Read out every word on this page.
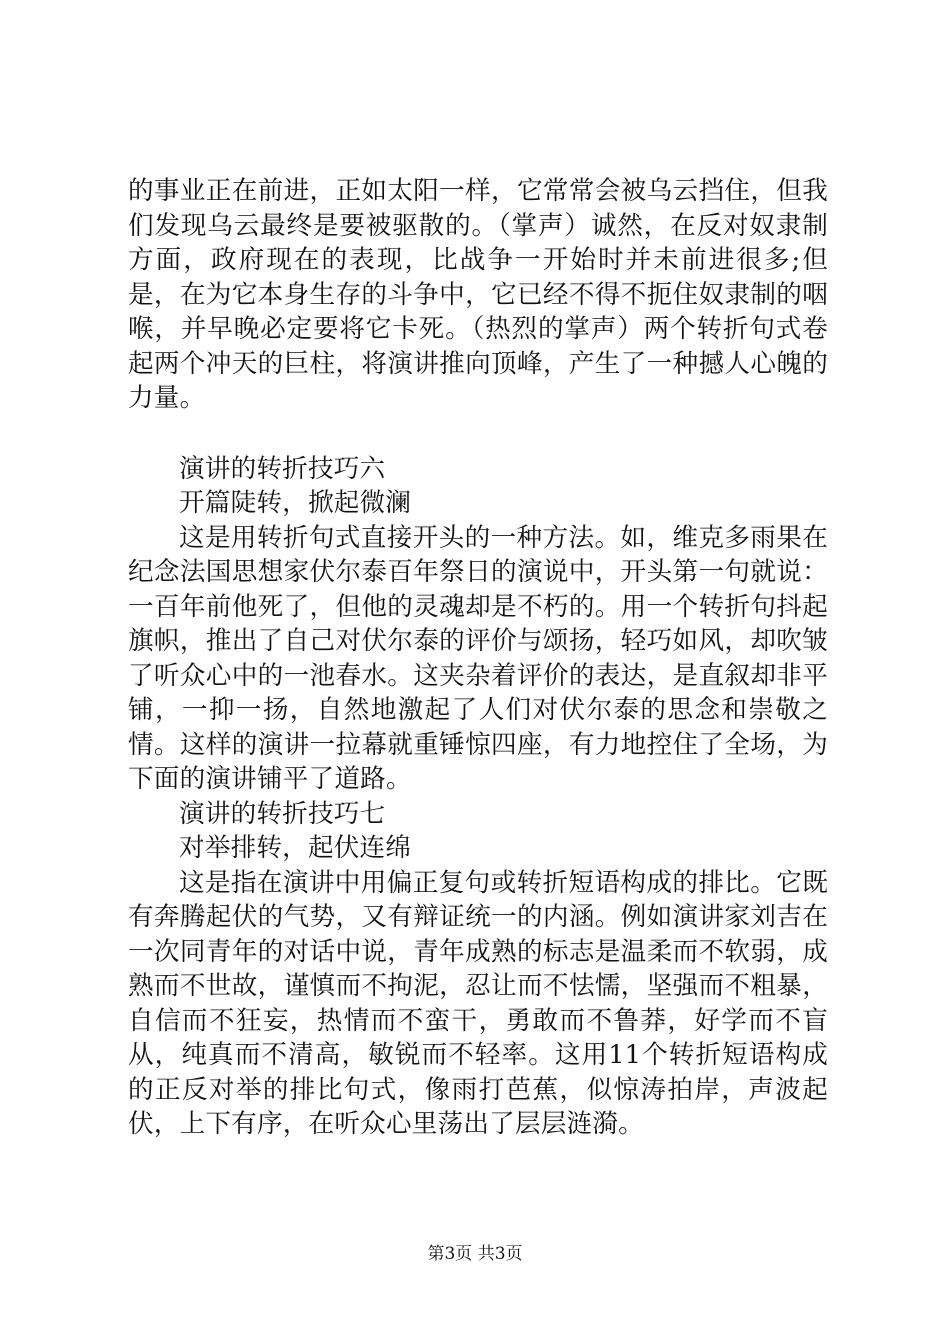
的事业正在前进，正如太阳一样，它常常会被乌云挡住，但我们发现乌云最终是要被驱散的。（掌声）诚然，在反对奴隶制方面，政府现在的表现，比战争一开始时并未前进很多;但是，在为它本身生存的斗争中，它已经不得不扼住奴隶制的咽喉，并早晚必定要将它卡死。（热烈的掌声）两个转折句式卷起两个冲天的巨柱，将演讲推向顶峰，产生了一种撼人心魄的力量。

演讲的转折技巧六

开篇陡转，掀起微澜

这是用转折句式直接开头的一种方法。如，维克多雨果在纪念法国思想家伏尔泰百年祭日的演说中，开头第一句就说：一百年前他死了，但他的灵魂却是不朽的。用一个转折句抖起旗帜，推出了自己对伏尔泰的评价与颂扬，轻巧如风，却吹皱了听众心中的一池春水。这夹杂着评价的表达，是直叙却非平铺，一抑一扬，自然地激起了人们对伏尔泰的思念和崇敬之情。这样的演讲一拉幕就重锤惊四座，有力地控住了全场，为下面的演讲铺平了道路。

演讲的转折技巧七

对举排转，起伏连绵

这是指在演讲中用偏正复句或转折短语构成的排比。它既有奔腾起伏的气势，又有辩证统一的内涵。例如演讲家刘吉在一次同青年的对话中说，青年成熟的标志是温柔而不软弱，成熟而不世故，谨慎而不拘泥，忍让而不怯懦，坚强而不粗暴，自信而不狂妄，热情而不蛮干，勇敢而不鲁莽，好学而不盲从，纯真而不清高，敏锐而不轻率。这用11个转折短语构成的正反对举的排比句式，像雨打芭蕉，似惊涛拍岸，声波起伏，上下有序，在听众心里荡出了层层涟漪。

第3页 共3页
